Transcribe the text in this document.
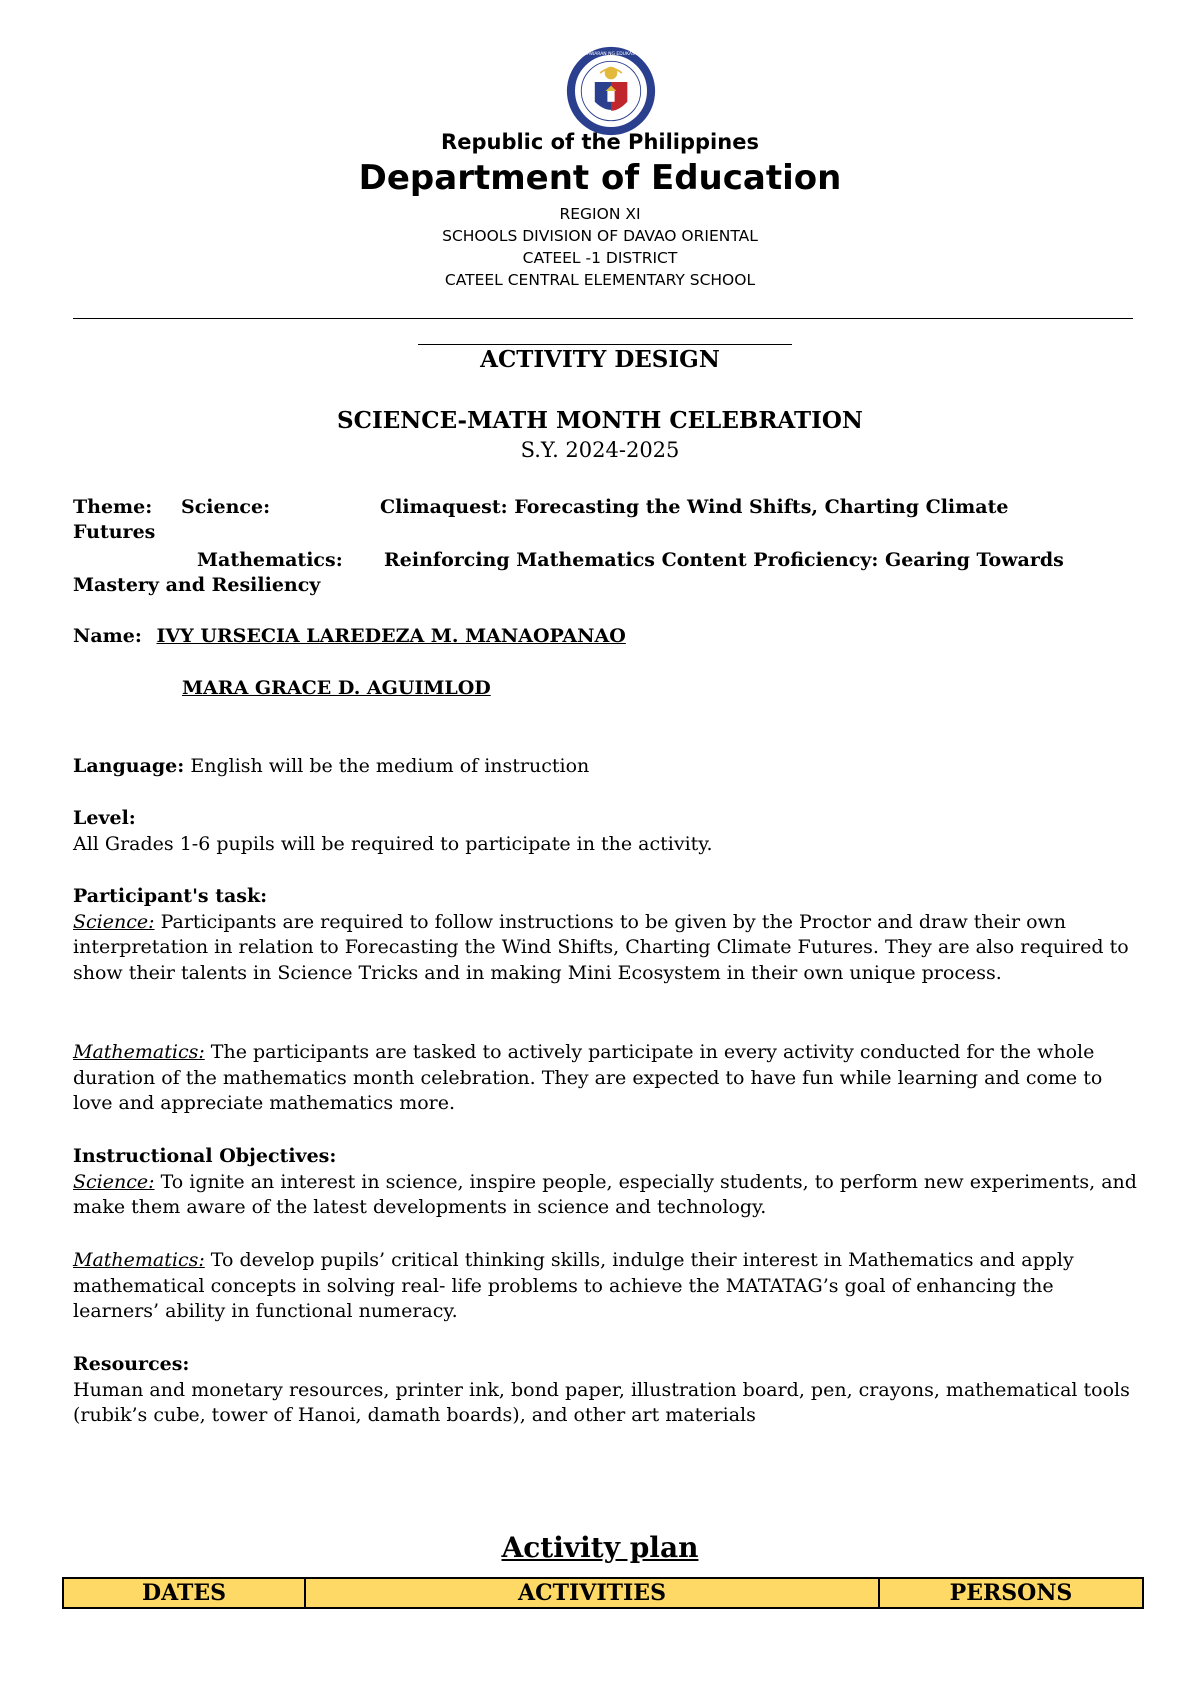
KAGAWARAN NG EDUKASYON
Republic of the Philippines
Department of Education
REGION XI
SCHOOLS DIVISION OF DAVAO ORIENTAL
CATEEL -1 DISTRICT
CATEEL CENTRAL ELEMENTARY SCHOOL
ACTIVITY DESIGN
SCIENCE-MATH MONTH CELEBRATION
S.Y. 2024-2025
Theme: Science:	Climaquest: Forecasting the Wind Shifts, Charting Climate
Futures
Mathematics: Reinforcing Mathematics Content Proficiency: Gearing Towards
Mastery and Resiliency
Name: IVY URSECIA LAREDEZA M. MANAOPANAO
MARA GRACE D. AGUIMLOD
Language: English will be the medium of instruction
Level:
All Grades 1-6 pupils will be required to participate in the activity.
Participant's task:
Science: Participants are required to follow instructions to be given by the Proctor and draw their own interpretation in relation to Forecasting the Wind Shifts, Charting Climate Futures. They are also required to show their talents in Science Tricks and in making Mini Ecosystem in their own unique process.
Mathematics: The participants are tasked to actively participate in every activity conducted for the whole duration of the mathematics month celebration. They are expected to have fun while learning and come to love and appreciate mathematics more.
Instructional Objectives:
Science: To ignite an interest in science, inspire people, especially students, to perform new experiments, and make them aware of the latest developments in science and technology.
Mathematics: To develop pupils’ critical thinking skills, indulge their interest in Mathematics and apply mathematical concepts in solving real- life problems to achieve the MATATAG’s goal of enhancing the learners’ ability in functional numeracy.
Resources:
Human and monetary resources, printer ink, bond paper, illustration board, pen, crayons, mathematical tools (rubik’s cube, tower of Hanoi, damath boards), and other art materials
Activity plan
DATES	ACTIVITIES	PERSONS
